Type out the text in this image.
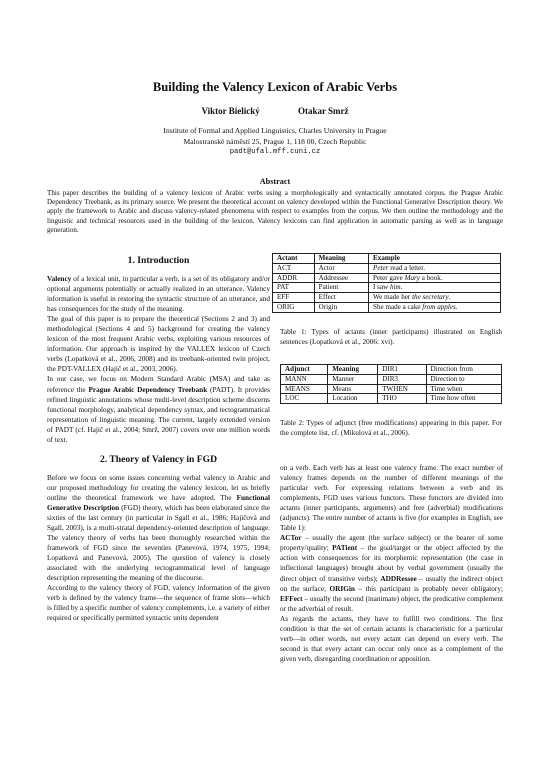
Building the Valency Lexicon of Arabic Verbs
Viktor Bielický	Otakar Smrž
Institute of Formal and Applied Linguistics, Charles University in Prague
Malostranské náměstí 25, Prague 1, 118 00, Czech Republic
padt@ufal.mff.cuni.cz
Abstract
This paper describes the building of a valency lexicon of Arabic verbs using a morphologically and syntactically annotated corpus, the Prague Arabic Dependency Treebank, as its primary source. We present the theoretical account on valency developed within the Functional Generative Description theory. We apply the framework to Arabic and discuss valency-related phenomena with respect to examples from the corpus. We then outline the methodology and the linguistic and technical resources used in the building of the lexicon. Valency lexicons can find application in automatic parsing as well as in language generation.
1. Introduction

Valency of a lexical unit, in particular a verb, is a set of its obligatory and/or optional arguments potentially or actually realized in an utterance. Valency information is useful in restoring the syntactic structure of an utterance, and has consequences for the study of the meaning.

The goal of this paper is to prepare the theoretical (Sections 2 and 3) and methodological (Sections 4 and 5) background for creating the valency lexicon of the most frequent Arabic verbs, exploiting various resources of information. Our approach is inspired by the VALLEX lexicon of Czech verbs (Lopatková et al., 2006, 2008) and its treebank-oriented twin project, the PDT-VALLEX (Hajič et al., 2003, 2006).

In our case, we focus on Modern Standard Arabic (MSA) and take as reference the Prague Arabic Dependency Treebank (PADT). It provides refined linguistic annotations whose multi-level description scheme discerns functional morphology, analytical dependency syntax, and tectogrammatical representation of linguistic meaning. The current, largely extended version of PADT (cf. Hajič et al., 2004; Smrž, 2007) covers over one million words of text.

2. Theory of Valency in FGD

Before we focus on some issues concerning verbal valency in Arabic and our proposed methodology for creating the valency lexicon, let us briefly outline the theoretical framework we have adopted. The Functional Generative Description (FGD) theory, which has been elaborated since the sixties of the last century (in particular in Sgall et al., 1986; Hajičová and Sgall, 2003), is a multi-stratal dependency-oriented description of language. The valency theory of verbs has been thoroughly researched within the framework of FGD since the seventies (Panevová, 1974, 1975, 1994; Lopatková and Panevová, 2005). The question of valency is closely associated with the underlying tectogrammatical level of language description representing the meaning of the discourse.

According to the valency theory of FGD, valency information of the given verb is defined by the valency frame—the sequence of frame slots—which is filled by a specific number of valency complements, i.e. a variety of either required or specifically permitted syntactic units dependent

Actant	Meaning	Example
ACT	Actor	Peter read a letter.
ADDR	Addressee	Peter gave Mary a book.
PAT	Patient	I saw him.
EFF	Effect	We made her the secretary.
ORIG	Origin	She made a cake from apples.
Table 1: Types of actants (inner participants) illustrated on English sentences (Lopatková et al., 2006: xvi).
Adjunct	Meaning	DIR1	Direction from
MANN	Manner	DIR3	Direction to
MEANS	Means	TWHEN	Time when
LOC	Location	THO	Time how often
Table 2: Types of adjunct (free modifications) appearing in this paper. For the complete list, cf. (Mikulová et al., 2006).

on a verb. Each verb has at least one valency frame. The exact number of valency frames depends on the number of different meanings of the particular verb. For expressing relations between a verb and its complements, FGD uses various functors. These functors are divided into actants (inner participants, arguments) and free (adverbial) modifications (adjuncts). The entire number of actants is five (for examples in English, see Table 1):

ACTor – usually the agent (the surface subject) or the bearer of some property/quality; PATient – the goal/target or the object affected by the action with consequences for its morphemic representation (the case in inflectional languages) brought about by verbal government (usually the direct object of transitive verbs); ADDRessee – usually the indirect object on the surface; ORIGin – this participant is probably never obligatory; EFFect – usually the second (inanimate) object, the predicative complement or the adverbial of result.

As regards the actants, they have to fulfill two conditions. The first condition is that the set of certain actants is characteristic for a particular verb—in other words, not every actant can depend on every verb. The second is that every actant can occur only once as a complement of the given verb, disregarding coordination or apposition.
